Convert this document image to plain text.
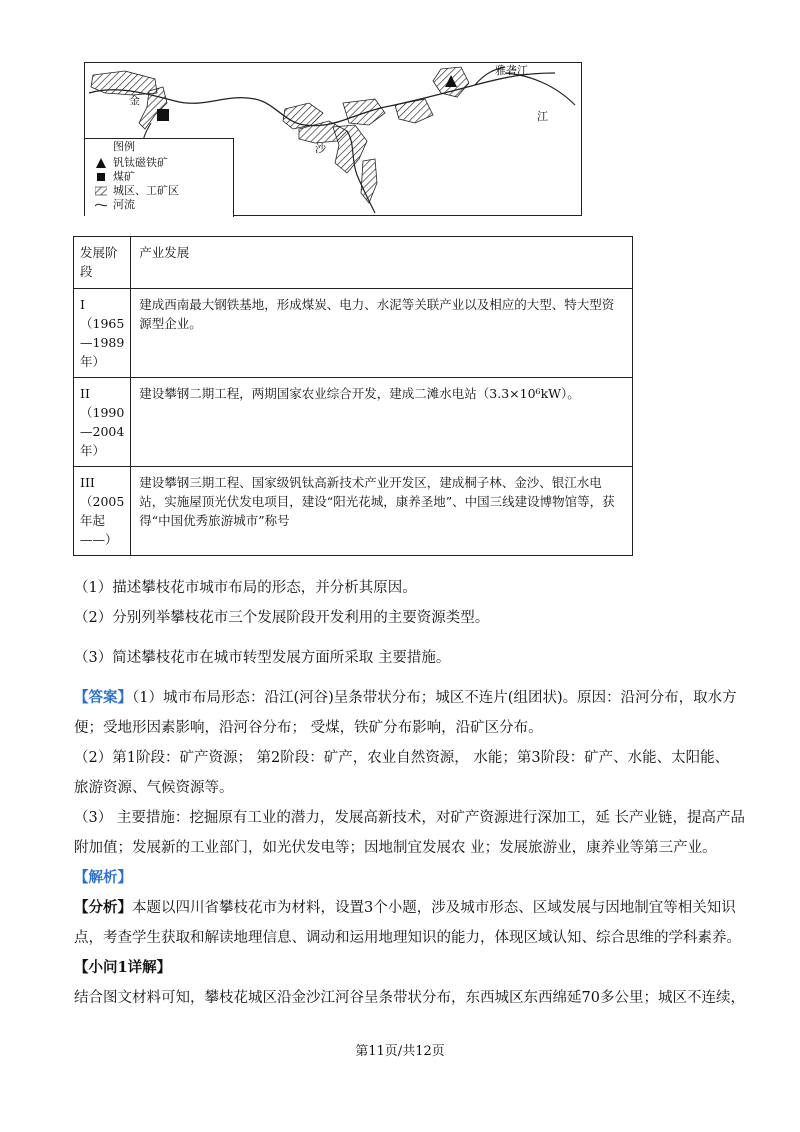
雅砻江
金
沙
江
图例
钒钛磁铁矿
煤矿
城区、工矿区
河流
发展阶段	产业发展
I（1965—1989年）	建成西南最大钢铁基地，形成煤炭、电力、水泥等关联产业以及相应的大型、特大型资源型企业。
II（1990—2004年）	建设攀钢二期工程，两期国家农业综合开发，建成二滩水电站（3.3×10⁶kW）。
III（2005年起——）	建设攀钢三期工程、国家级钒钛高新技术产业开发区，建成桐子林、金沙、银江水电站，实施屋顶光伏发电项目，建设“阳光花城，康养圣地”、中国三线建设博物馆等，获得“中国优秀旅游城市”称号
（1）描述攀枝花市城市布局的形态，并分析其原因。
（2）分别列举攀枝花市三个发展阶段开发利用的主要资源类型。
（3）简述攀枝花市在城市转型发展方面所采取 主要措施。
【答案】（1）城市布局形态：沿江(河谷)呈条带状分布；城区不连片(组团状)。原因：沿河分布，取水方
便；受地形因素影响，沿河谷分布； 受煤，铁矿分布影响，沿矿区分布。
（2）第1阶段：矿产资源； 第2阶段：矿产，农业自然资源， 水能；第3阶段：矿产、水能、太阳能、
旅游资源、气候资源等。
（3） 主要措施：挖掘原有工业的潜力，发展高新技术，对矿产资源进行深加工，延 长产业链，提高产品
附加值；发展新的工业部门，如光伏发电等；因地制宜发展农 业；发展旅游业，康养业等第三产业。
【解析】
【分析】本题以四川省攀枝花市为材料，设置3个小题，涉及城市形态、区域发展与因地制宜等相关知识
点，考查学生获取和解读地理信息、调动和运用地理知识的能力，体现区域认知、综合思维的学科素养。
【小问1详解】
结合图文材料可知，攀枝花城区沿金沙江河谷呈条带状分布，东西城区东西绵延70多公里；城区不连续，
第11页/共12页
